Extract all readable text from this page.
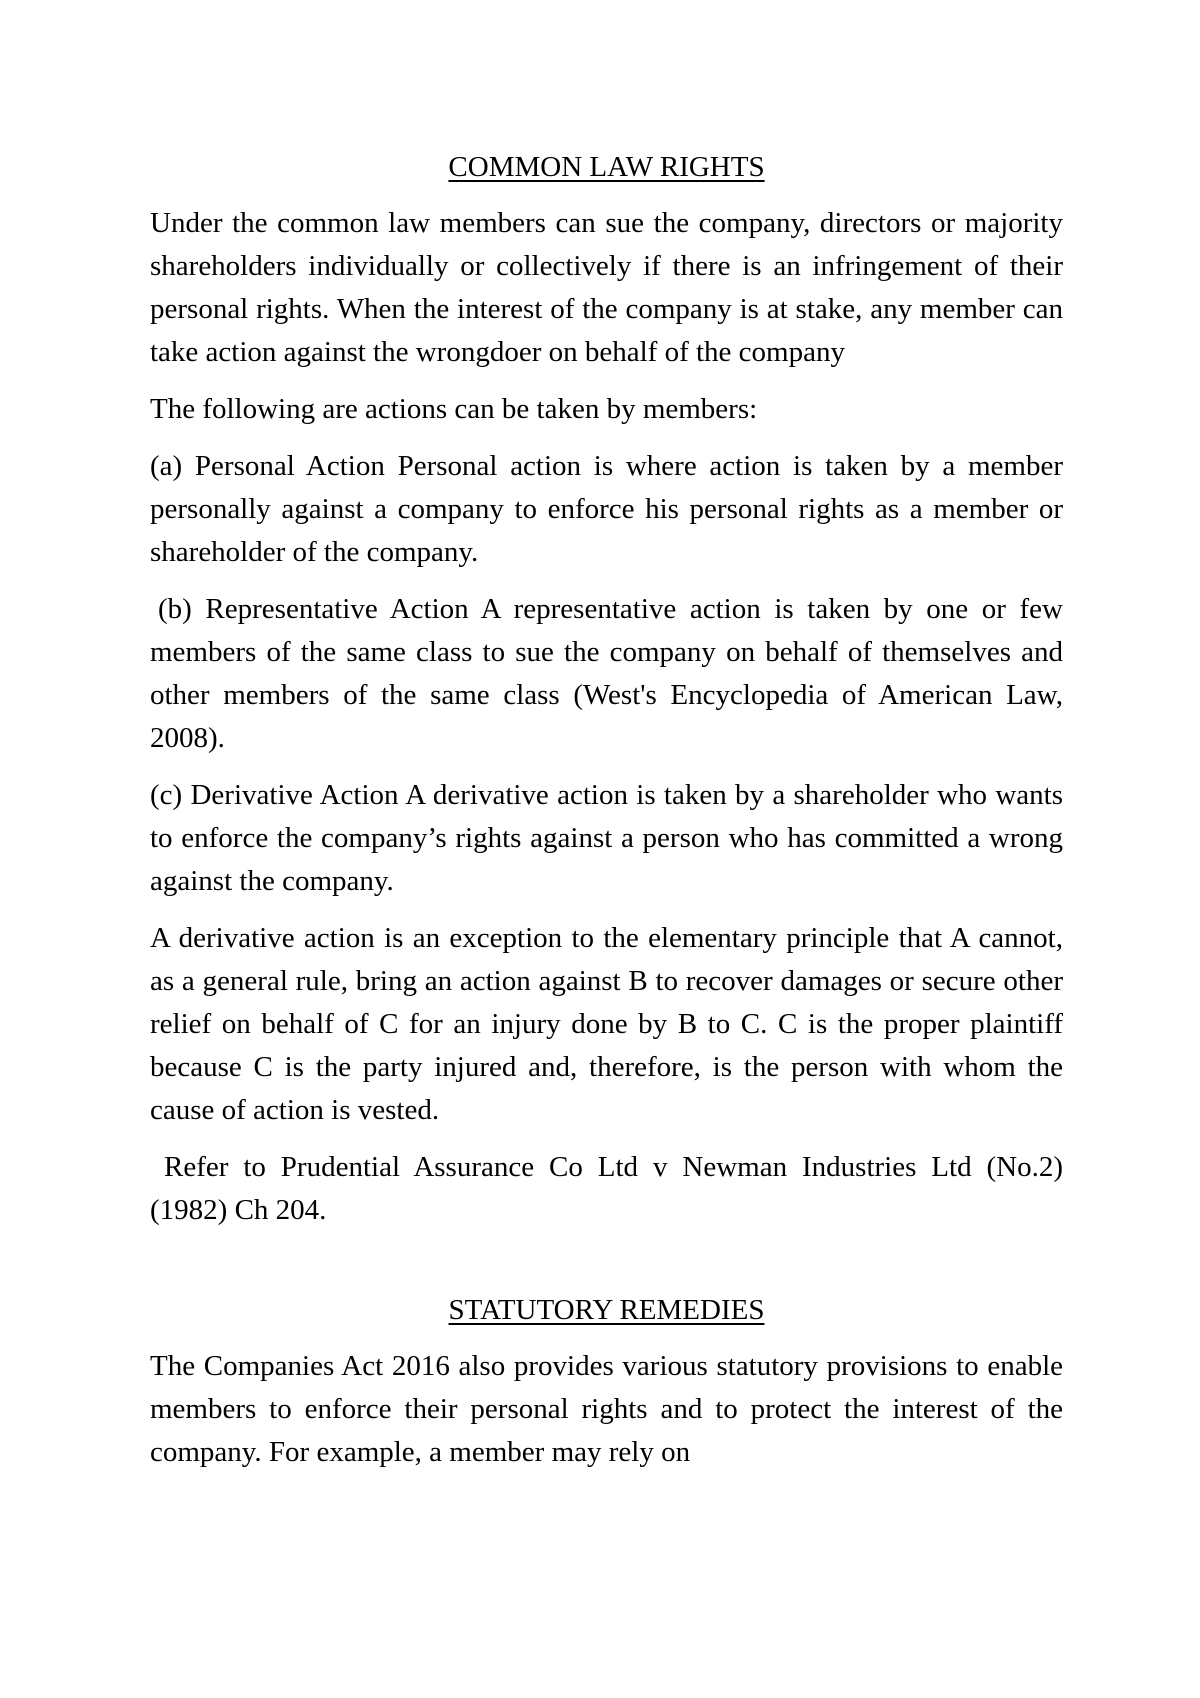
COMMON LAW RIGHTS

Under the common law members can sue the company, directors or majority shareholders individually or collectively if there is an infringement of their personal rights. When the interest of the company is at stake, any member can take action against the wrongdoer on behalf of the company

The following are actions can be taken by members:

(a) Personal Action Personal action is where action is taken by a member personally against a company to enforce his personal rights as a member or shareholder of the company.

(b) Representative Action A representative action is taken by one or few members of the same class to sue the company on behalf of themselves and other members of the same class (West's Encyclopedia of American Law, 2008).

(c) Derivative Action A derivative action is taken by a shareholder who wants to enforce the company’s rights against a person who has committed a wrong against the company.

A derivative action is an exception to the elementary principle that A cannot, as a general rule, bring an action against B to recover damages or secure other relief on behalf of C for an injury done by B to C. C is the proper plaintiff because C is the party injured and, therefore, is the person with whom the cause of action is vested.

Refer to Prudential Assurance Co Ltd v Newman Industries Ltd (No.2) (1982) Ch 204.

STATUTORY REMEDIES

The Companies Act 2016 also provides various statutory provisions to enable members to enforce their personal rights and to protect the interest of the company. For example, a member may rely on
